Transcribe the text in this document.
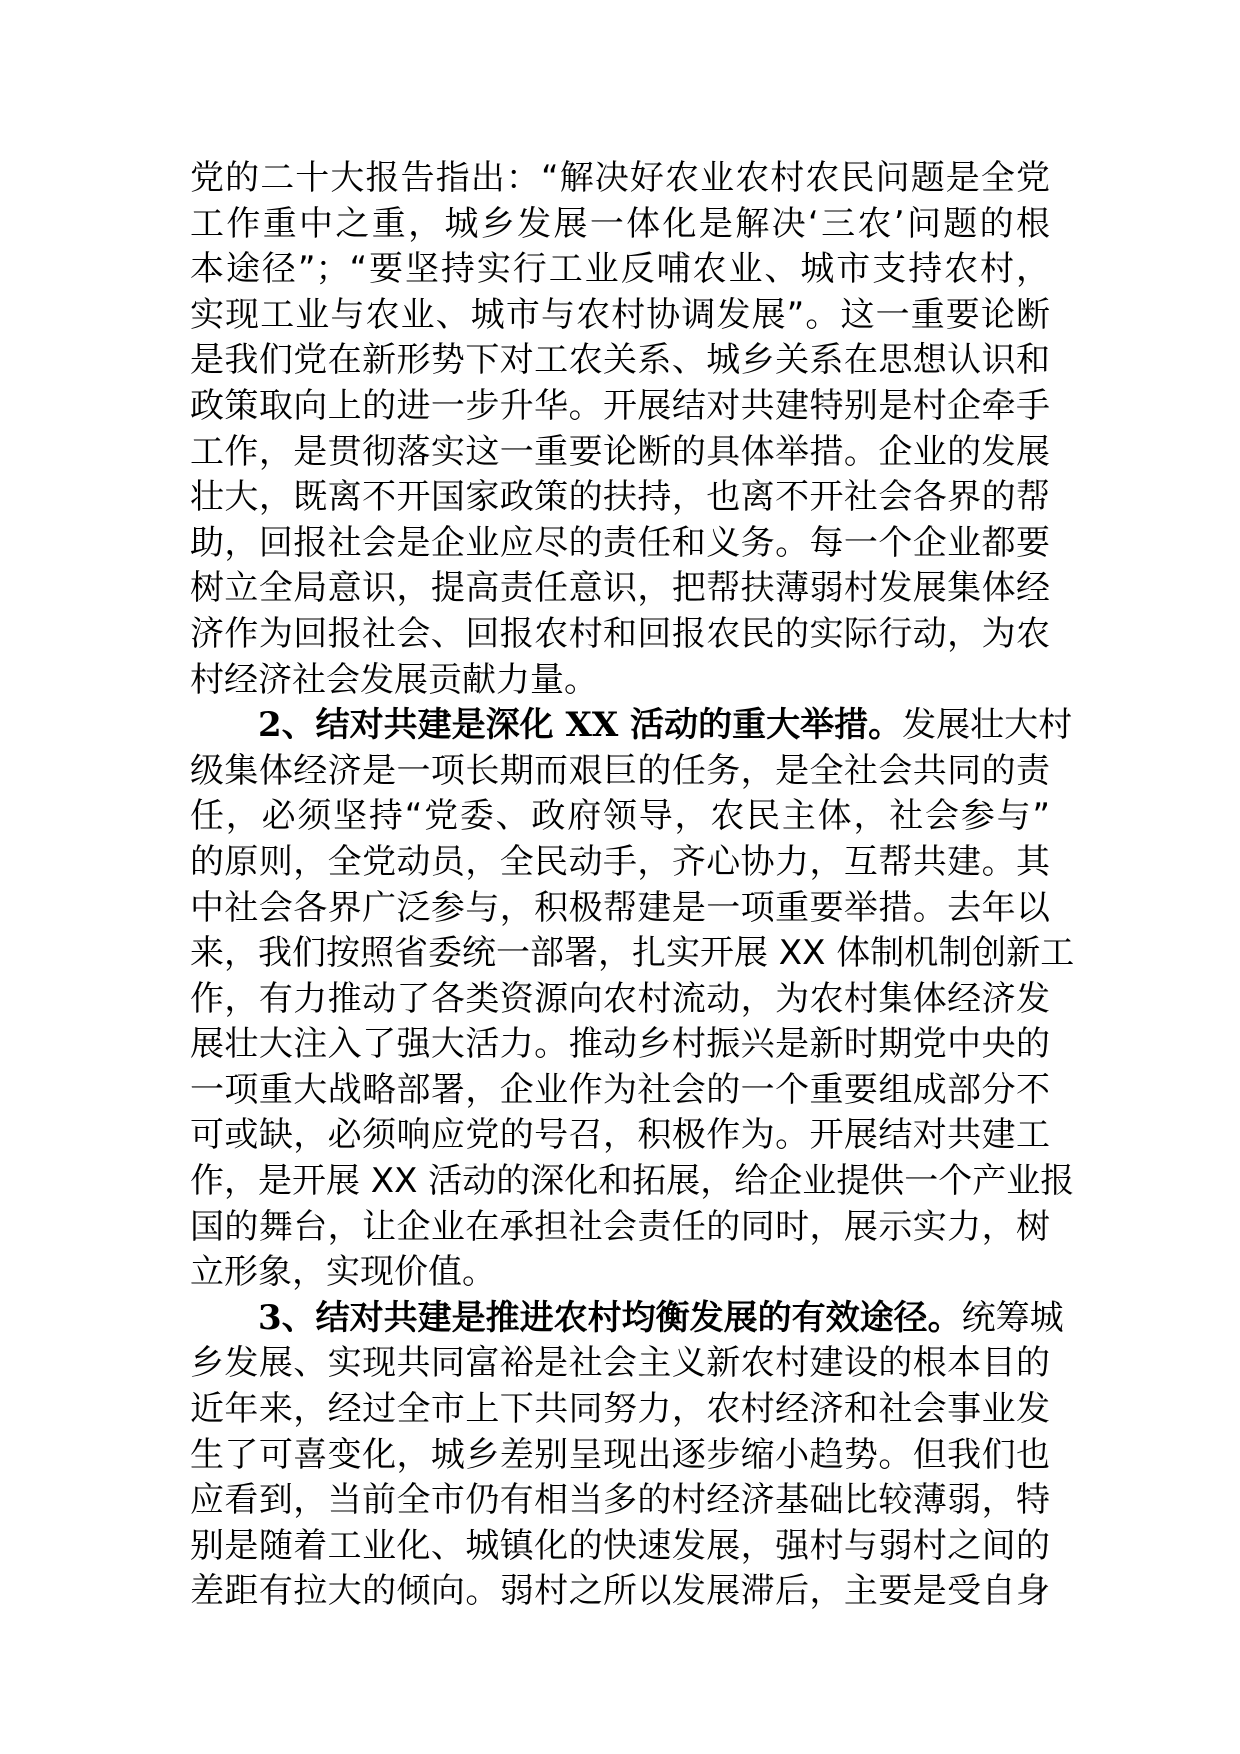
党的二十大报告指出：“解决好农业农村农民问题是全党
工作重中之重，城乡发展一体化是解决‘三农’问题的根
本途径”；“要坚持实行工业反哺农业、城市支持农村，
实现工业与农业、城市与农村协调发展”。这一重要论断
是我们党在新形势下对工农关系、城乡关系在思想认识和
政策取向上的进一步升华。开展结对共建特别是村企牵手
工作，是贯彻落实这一重要论断的具体举措。企业的发展
壮大，既离不开国家政策的扶持，也离不开社会各界的帮
助，回报社会是企业应尽的责任和义务。每一个企业都要
树立全局意识，提高责任意识，把帮扶薄弱村发展集体经
济作为回报社会、回报农村和回报农民的实际行动，为农
村经济社会发展贡献力量。
2、结对共建是深化 XX 活动的重大举措。发展壮大村
级集体经济是一项长期而艰巨的任务，是全社会共同的责
任，必须坚持“党委、政府领导，农民主体，社会参与”
的原则，全党动员，全民动手，齐心协力，互帮共建。其
中社会各界广泛参与，积极帮建是一项重要举措。去年以
来，我们按照省委统一部署，扎实开展 XX 体制机制创新工
作，有力推动了各类资源向农村流动，为农村集体经济发
展壮大注入了强大活力。推动乡村振兴是新时期党中央的
一项重大战略部署，企业作为社会的一个重要组成部分不
可或缺，必须响应党的号召，积极作为。开展结对共建工
作，是开展 XX 活动的深化和拓展，给企业提供一个产业报
国的舞台，让企业在承担社会责任的同时，展示实力，树
立形象，实现价值。
3、结对共建是推进农村均衡发展的有效途径。统筹城
乡发展、实现共同富裕是社会主义新农村建设的根本目的
近年来，经过全市上下共同努力，农村经济和社会事业发
生了可喜变化，城乡差别呈现出逐步缩小趋势。但我们也
应看到，当前全市仍有相当多的村经济基础比较薄弱，特
别是随着工业化、城镇化的快速发展，强村与弱村之间的
差距有拉大的倾向。弱村之所以发展滞后，主要是受自身
